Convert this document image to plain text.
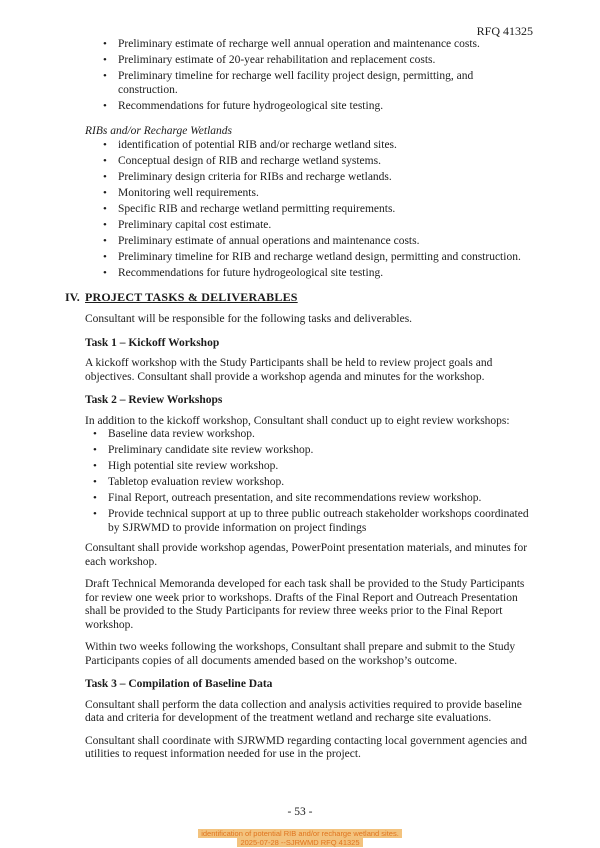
RFQ 41325
• Preliminary estimate of recharge well annual operation and maintenance costs.
• Preliminary estimate of 20-year rehabilitation and replacement costs.
• Preliminary timeline for recharge well facility project design, permitting, and construction.
• Recommendations for future hydrogeological site testing.
RIBs and/or Recharge Wetlands
• identification of potential RIB and/or recharge wetland sites.
• Conceptual design of RIB and recharge wetland systems.
• Preliminary design criteria for RIBs and recharge wetlands.
• Monitoring well requirements.
• Specific RIB and recharge wetland permitting requirements.
• Preliminary capital cost estimate.
• Preliminary estimate of annual operations and maintenance costs.
• Preliminary timeline for RIB and recharge wetland design, permitting and construction.
• Recommendations for future hydrogeological site testing.
IV. PROJECT TASKS & DELIVERABLES

Consultant will be responsible for the following tasks and deliverables.

Task 1 – Kickoff Workshop

A kickoff workshop with the Study Participants shall be held to review project goals and objectives. Consultant shall provide a workshop agenda and minutes for the workshop.

Task 2 – Review Workshops

In addition to the kickoff workshop, Consultant shall conduct up to eight review workshops:

• Baseline data review workshop.
• Preliminary candidate site review workshop.
• High potential site review workshop.
• Tabletop evaluation review workshop.
• Final Report, outreach presentation, and site recommendations review workshop.
• Provide technical support at up to three public outreach stakeholder workshops coordinated by SJRWMD to provide information on project findings

Consultant shall provide workshop agendas, PowerPoint presentation materials, and minutes for each workshop.

Draft Technical Memoranda developed for each task shall be provided to the Study Participants for review one week prior to workshops. Drafts of the Final Report and Outreach Presentation shall be provided to the Study Participants for review three weeks prior to the Final Report workshop.

Within two weeks following the workshops, Consultant shall prepare and submit to the Study Participants copies of all documents amended based on the workshop’s outcome.

Task 3 – Compilation of Baseline Data

Consultant shall perform the data collection and analysis activities required to provide baseline data and criteria for development of the treatment wetland and recharge site evaluations.

Consultant shall coordinate with SJRWMD regarding contacting local government agencies and utilities to request information needed for use in the project.

- 53 -
identification of potential RIB and/or recharge wetland sites.
2025-07-28 --SJRWMD RFQ 41325
